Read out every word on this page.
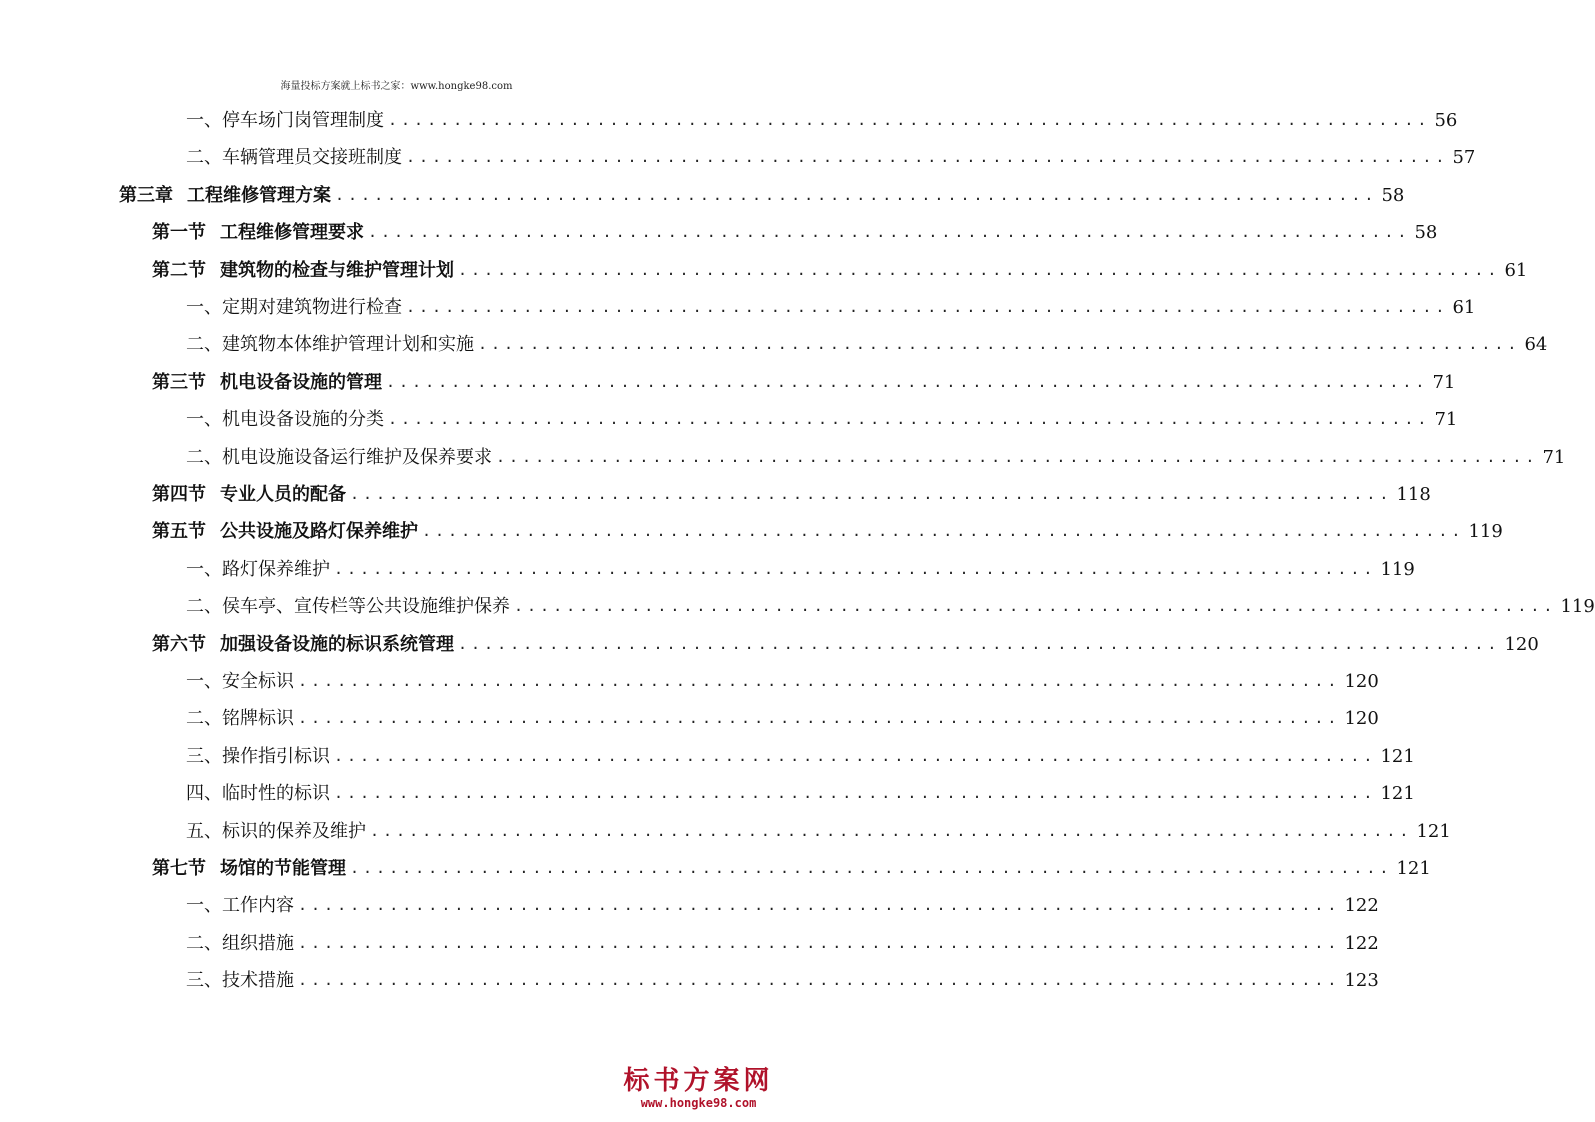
海量投标方案就上标书之家：www.hongke98.com
一、停车场门岗管理制度 ................................................................................ 56
二、车辆管理员交接班制度 ................................................................................ 57
第三章 工程维修管理方案 ................................................................................ 58
第一节 工程维修管理要求 ................................................................................ 58
第二节 建筑物的检查与维护管理计划 ................................................................................ 61
一、定期对建筑物进行检查 ................................................................................ 61
二、建筑物本体维护管理计划和实施 ................................................................................ 64
第三节 机电设备设施的管理 ................................................................................ 71
一、机电设备设施的分类 ................................................................................ 71
二、机电设施设备运行维护及保养要求 ................................................................................ 71
第四节 专业人员的配备 ................................................................................ 118
第五节 公共设施及路灯保养维护 ................................................................................ 119
一、路灯保养维护 ................................................................................ 119
二、侯车亭、宣传栏等公共设施维护保养 ................................................................................ 119
第六节 加强设备设施的标识系统管理 ................................................................................ 120
一、安全标识 ................................................................................ 120
二、铭牌标识 ................................................................................ 120
三、操作指引标识 ................................................................................ 121
四、临时性的标识 ................................................................................ 121
五、标识的保养及维护 ................................................................................ 121
第七节 场馆的节能管理 ................................................................................ 121
一、工作内容 ................................................................................ 122
二、组织措施 ................................................................................ 122
三、技术措施 ................................................................................ 123
标书方案网
www.hongke98.com
